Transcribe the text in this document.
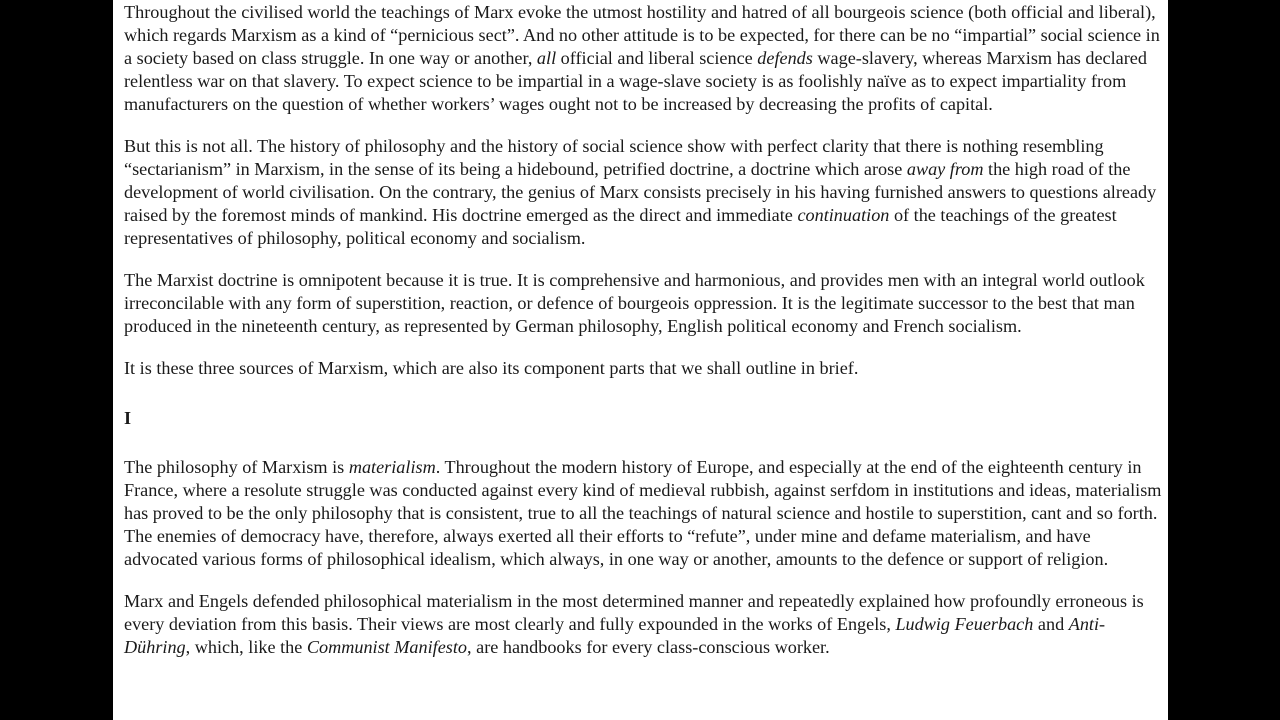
Throughout the civilised world the teachings of Marx evoke the utmost hostility and hatred of all bourgeois science (both official and liberal), which regards Marxism as a kind of “pernicious sect”. And no other attitude is to be expected, for there can be no “impartial” social science in a society based on class struggle. In one way or another, all official and liberal science defends wage-slavery, whereas Marxism has declared relentless war on that slavery. To expect science to be impartial in a wage-slave society is as foolishly naïve as to expect impartiality from manufacturers on the question of whether workers’ wages ought not to be increased by decreasing the profits of capital.

But this is not all. The history of philosophy and the history of social science show with perfect clarity that there is nothing resembling “sectarianism” in Marxism, in the sense of its being a hidebound, petrified doctrine, a doctrine which arose away from the high road of the development of world civilisation. On the contrary, the genius of Marx consists precisely in his having furnished answers to questions already raised by the foremost minds of mankind. His doctrine emerged as the direct and immediate continuation of the teachings of the greatest representatives of philosophy, political economy and socialism.

The Marxist doctrine is omnipotent because it is true. It is comprehensive and harmonious, and provides men with an integral world outlook irreconcilable with any form of superstition, reaction, or defence of bourgeois oppression. It is the legitimate successor to the best that man produced in the nineteenth century, as represented by German philosophy, English political economy and French socialism.

It is these three sources of Marxism, which are also its component parts that we shall outline in brief.

I

The philosophy of Marxism is materialism. Throughout the modern history of Europe, and especially at the end of the eighteenth century in France, where a resolute struggle was conducted against every kind of medieval rubbish, against serfdom in institutions and ideas, materialism has proved to be the only philosophy that is consistent, true to all the teachings of natural science and hostile to superstition, cant and so forth. The enemies of democracy have, therefore, always exerted all their efforts to “refute”, under mine and defame materialism, and have advocated various forms of philosophical idealism, which always, in one way or another, amounts to the defence or support of religion.

Marx and Engels defended philosophical materialism in the most determined manner and repeatedly explained how profoundly erroneous is every deviation from this basis. Their views are most clearly and fully expounded in the works of Engels, Ludwig Feuerbach and Anti-Dühring, which, like the Communist Manifesto, are handbooks for every class-conscious worker.
